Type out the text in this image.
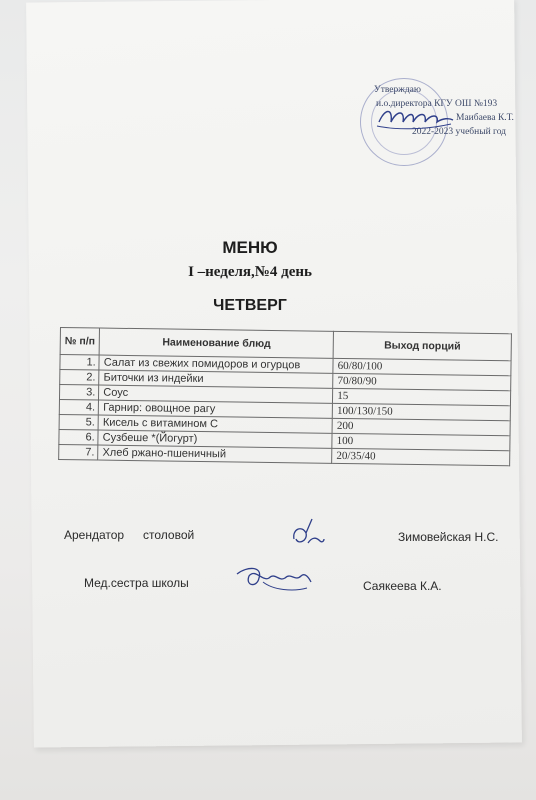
Утверждаю
и.о.директора КГУ ОШ №193
Маибаева К.Т.
2022-2023 учебный год
МЕНЮ
I –неделя,№4 день
ЧЕТВЕРГ
№ п/п	Наименование блюд	Выход порций
1.	Салат из свежих помидоров и огурцов	60/80/100
2.	Биточки из индейки	70/80/90
3.	Соус	15
4.	Гарнир: овощное рагу	100/130/150
5.	Кисель с витамином С	200
6.	Сузбеше *(Йогурт)	100
7.	Хлеб ржано-пшеничный	20/35/40
Арендатор столовой	Зимовейская Н.С.
Мед.сестра школы	Саякеева К.А.
